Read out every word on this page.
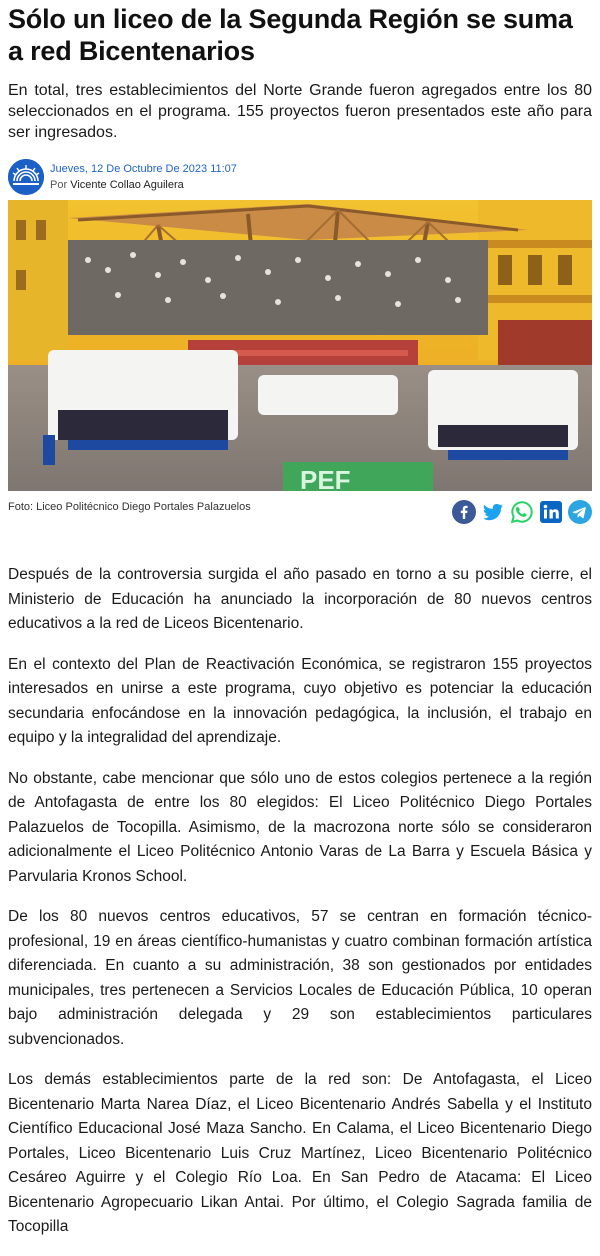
Sólo un liceo de la Segunda Región se suma a red Bicentenarios

En total, tres establecimientos del Norte Grande fueron agregados entre los 80 seleccionados en el programa. 155 proyectos fueron presentados este año para ser ingresados.

Jueves, 12 De Octubre De 2023 11:07
Por Vicente Collao Aguilera
PEF
Foto: Liceo Politécnico Diego Portales Palazuelos

Después de la controversia surgida el año pasado en torno a su posible cierre, el Ministerio de Educación ha anunciado la incorporación de 80 nuevos centros educativos a la red de Liceos Bicentenario.

En el contexto del Plan de Reactivación Económica, se registraron 155 proyectos interesados en unirse a este programa, cuyo objetivo es potenciar la educación secundaria enfocándose en la innovación pedagógica, la inclusión, el trabajo en equipo y la integralidad del aprendizaje.

No obstante, cabe mencionar que sólo uno de estos colegios pertenece a la región de Antofagasta de entre los 80 elegidos: El Liceo Politécnico Diego Portales Palazuelos de Tocopilla. Asimismo, de la macrozona norte sólo se consideraron adicionalmente el Liceo Politécnico Antonio Varas de La Barra y Escuela Básica y Parvularia Kronos School.

De los 80 nuevos centros educativos, 57 se centran en formación técnico-profesional, 19 en áreas científico-humanistas y cuatro combinan formación artística diferenciada. En cuanto a su administración, 38 son gestionados por entidades municipales, tres pertenecen a Servicios Locales de Educación Pública, 10 operan bajo administración delegada y 29 son establecimientos particulares subvencionados.

Los demás establecimientos parte de la red son: De Antofagasta, el Liceo Bicentenario Marta Narea Díaz, el Liceo Bicentenario Andrés Sabella y el Instituto Científico Educacional José Maza Sancho. En Calama, el Liceo Bicentenario Diego Portales, Liceo Bicentenario Luis Cruz Martínez, Liceo Bicentenario Politécnico Cesáreo Aguirre y el Colegio Río Loa. En San Pedro de Atacama: El Liceo Bicentenario Agropecuario Likan Antai. Por último, el Colegio Sagrada familia de Tocopilla
